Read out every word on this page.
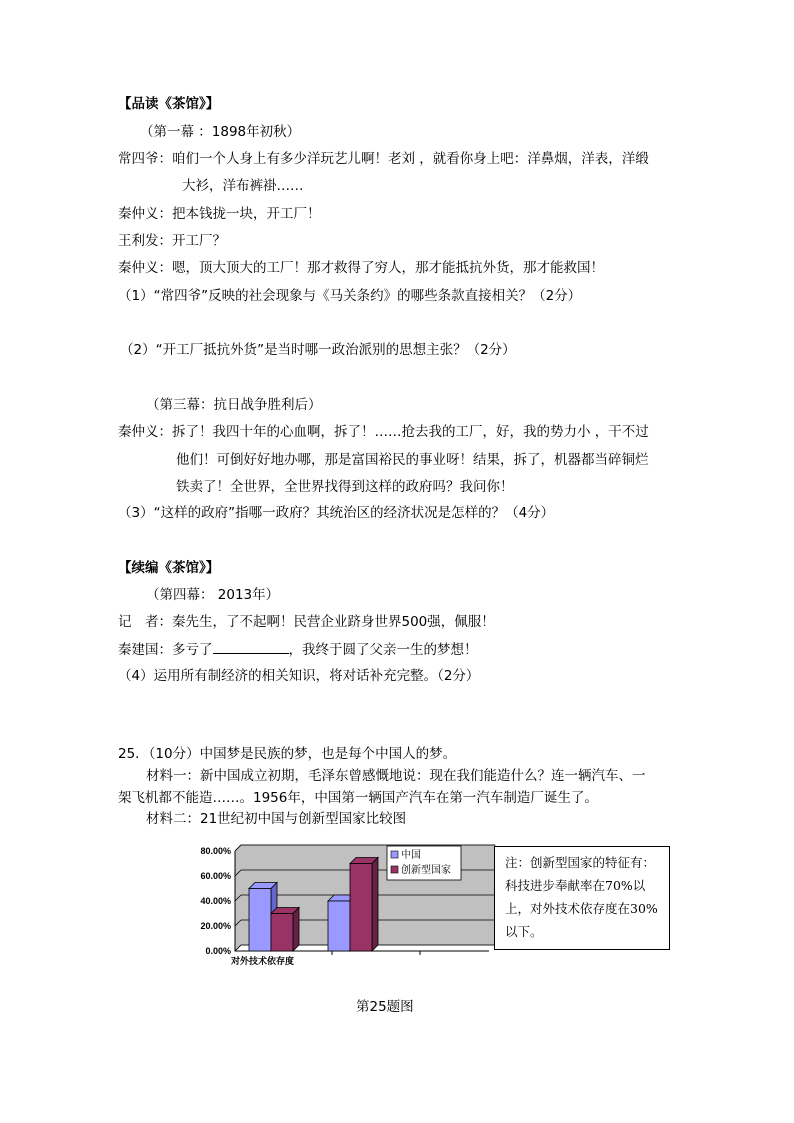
【品读《茶馆》】
（第一幕 ：1898年初秋）
常四爷：咱们一个人身上有多少洋玩艺儿啊！老刘 ，就看你身上吧：洋鼻烟，洋表，洋缎
大衫，洋布裤褂……
秦仲义：把本钱拢一块，开工厂！
王利发：开工厂？
秦仲义：嗯，顶大顶大的工厂！那才救得了穷人，那才能抵抗外货，那才能救国！
（1）“常四爷”反映的社会现象与《马关条约》的哪些条款直接相关？（2分）
（2）“开工厂抵抗外货”是当时哪一政治派别的思想主张？（2分）
（第三幕：抗日战争胜利后）
秦仲义：拆了！我四十年的心血啊，拆了！……抢去我的工厂，好，我的势力小 ，干不过
他们！可倒好好地办哪，那是富国裕民的事业呀！结果，拆了，机器都当碎铜烂
铁卖了！全世界，全世界找得到这样的政府吗？我问你！
（3）“这样的政府”指哪一政府？其统治区的经济状况是怎样的？（4分）
【续编《茶馆》】
（第四幕： 2013年）
记　者：秦先生，了不起啊！民营企业跻身世界500强，佩服！
秦建国：多亏了	，我终于圆了父亲一生的梦想！
（4）运用所有制经济的相关知识，将对话补充完整。（2分）
25．（10分）中国梦是民族的梦，也是每个中国人的梦。
材料一：新中国成立初期，毛泽东曾感慨地说：现在我们能造什么？连一辆汽车、一
架飞机都不能造……。1956年，中国第一辆国产汽车在第一汽车制造厂诞生了。
材料二：21世纪初中国与创新型国家比较图
0.00%
20.00%
40.00%
60.00%
80.00%
对外技术依存度
中国
创新型国家
注：创新型国家的特征有：科技进步奉献率在70%以上，对外技术依存度在30%以下。
第25题图
